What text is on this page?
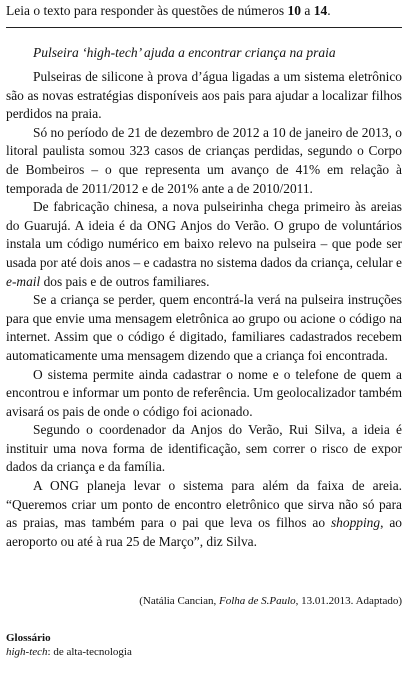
Leia o texto para responder às questões de números 10 a 14.
Pulseira ‘high-tech’ ajuda a encontrar criança na praia

Pulseiras de silicone à prova d’água ligadas a um sistema eletrônico são as novas estratégias disponíveis aos pais para ajudar a localizar filhos perdidos na praia.

Só no período de 21 de dezembro de 2012 a 10 de janeiro de 2013, o litoral paulista somou 323 casos de crianças perdidas, segundo o Corpo de Bombeiros – o que representa um avanço de 41% em relação à temporada de 2011/2012 e de 201% ante a de 2010/2011.

De fabricação chinesa, a nova pulseirinha chega primeiro às areias do Guarujá. A ideia é da ONG Anjos do Verão. O grupo de voluntários instala um código numérico em baixo relevo na pulseira – que pode ser usada por até dois anos – e cadastra no sistema dados da criança, celular e e-mail dos pais e de outros familiares.

Se a criança se perder, quem encontrá-la verá na pulseira instruções para que envie uma mensagem eletrônica ao grupo ou acione o código na internet. Assim que o código é digitado, familiares cadastrados recebem automaticamente uma mensagem dizendo que a criança foi encontrada.

O sistema permite ainda cadastrar o nome e o telefone de quem a encontrou e informar um ponto de referência. Um geolocalizador também avisará os pais de onde o código foi acionado.

Segundo o coordenador da Anjos do Verão, Rui Silva, a ideia é instituir uma nova forma de identificação, sem correr o risco de expor dados da criança e da família.

A ONG planeja levar o sistema para além da faixa de areia. “Queremos criar um ponto de encontro eletrônico que sirva não só para as praias, mas também para o pai que leva os filhos ao shopping, ao aeroporto ou até à rua 25 de Março”, diz Silva.

(Natália Cancian, Folha de S.Paulo, 13.01.2013. Adaptado)
Glossário
high-tech: de alta-tecnologia
